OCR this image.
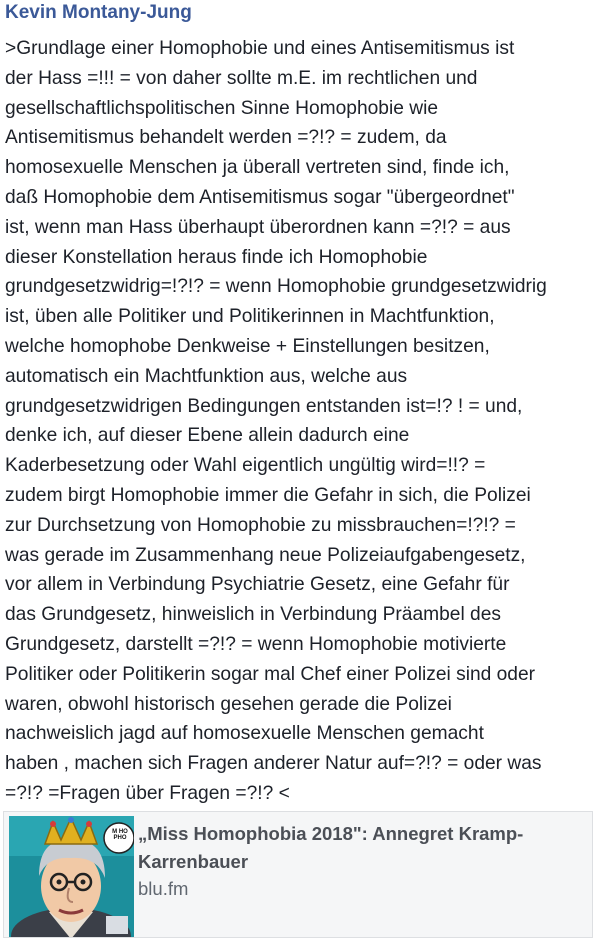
Kevin Montany-Jung
>Grundlage einer Homophobie und eines Antisemitismus ist
der Hass =!!! = von daher sollte m.E. im rechtlichen und
gesellschaftlichspolitischen Sinne Homophobie wie
Antisemitismus behandelt werden =?!? = zudem, da
homosexuelle Menschen ja überall vertreten sind, finde ich,
daß Homophobie dem Antisemitismus sogar "übergeordnet"
ist, wenn man Hass überhaupt überordnen kann =?!? = aus
dieser Konstellation heraus finde ich Homophobie
grundgesetzwidrig=!?!? = wenn Homophobie grundgesetzwidrig
ist, üben alle Politiker und Politikerinnen in Machtfunktion,
welche homophobe Denkweise + Einstellungen besitzen,
automatisch ein Machtfunktion aus, welche aus
grundgesetzwidrigen Bedingungen entstanden ist=!? ! = und,
denke ich, auf dieser Ebene allein dadurch eine
Kaderbesetzung oder Wahl eigentlich ungültig wird=!!? =
zudem birgt Homophobie immer die Gefahr in sich, die Polizei
zur Durchsetzung von Homophobie zu missbrauchen=!?!? =
was gerade im Zusammenhang neue Polizeiaufgabengesetz,
vor allem in Verbindung Psychiatrie Gesetz, eine Gefahr für
das Grundgesetz, hinweislich in Verbindung Präambel des
Grundgesetz, darstellt =?!? = wenn Homophobie motivierte
Politiker oder Politikerin sogar mal Chef einer Polizei sind oder
waren, obwohl historisch gesehen gerade die Polizei
nachweislich jagd auf homosexuelle Menschen gemacht
haben , machen sich Fragen anderer Natur auf=?!? = oder was
=?!? =Fragen über Fragen =?!? <
M HO PHO „Miss Homophobia 2018": Annegret Kramp-Karrenbauer
blu.fm
